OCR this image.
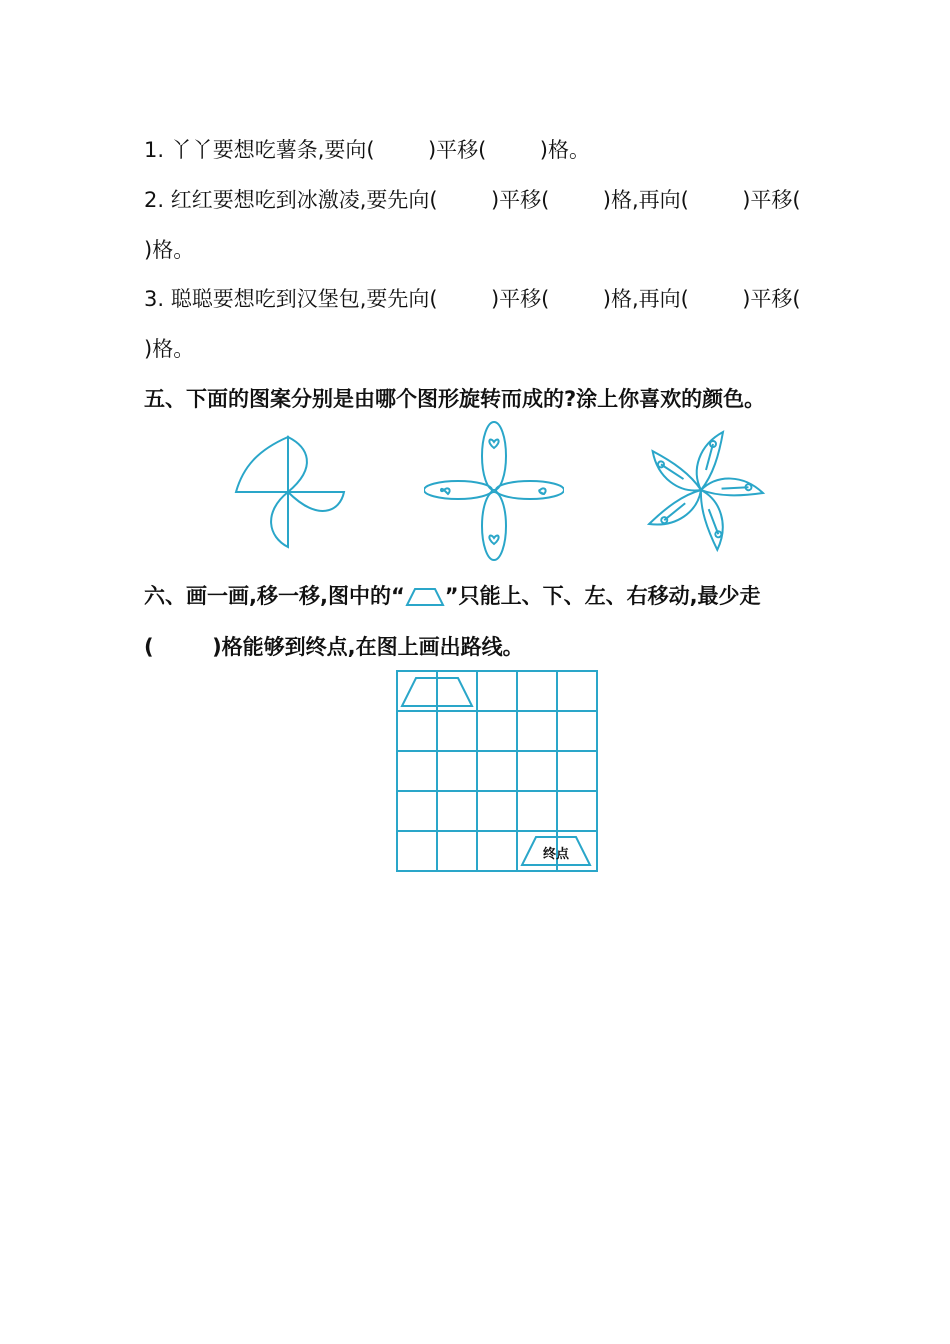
1. 丫丫要想吃薯条,要向(        )平移(        )格。
2. 红红要想吃到冰激凌,要先向(        )平移(        )格,再向(        )平移(
)格。
3. 聪聪要想吃到汉堡包,要先向(        )平移(        )格,再向(        )平移(
)格。
五、下面的图案分别是由哪个图形旋转而成的?涂上你喜欢的颜色。
六、画一画,移一移,图中的“ ”只能上、下、左、右移动,最少走
(        )格能够到终点,在图上画出路线。
终点
